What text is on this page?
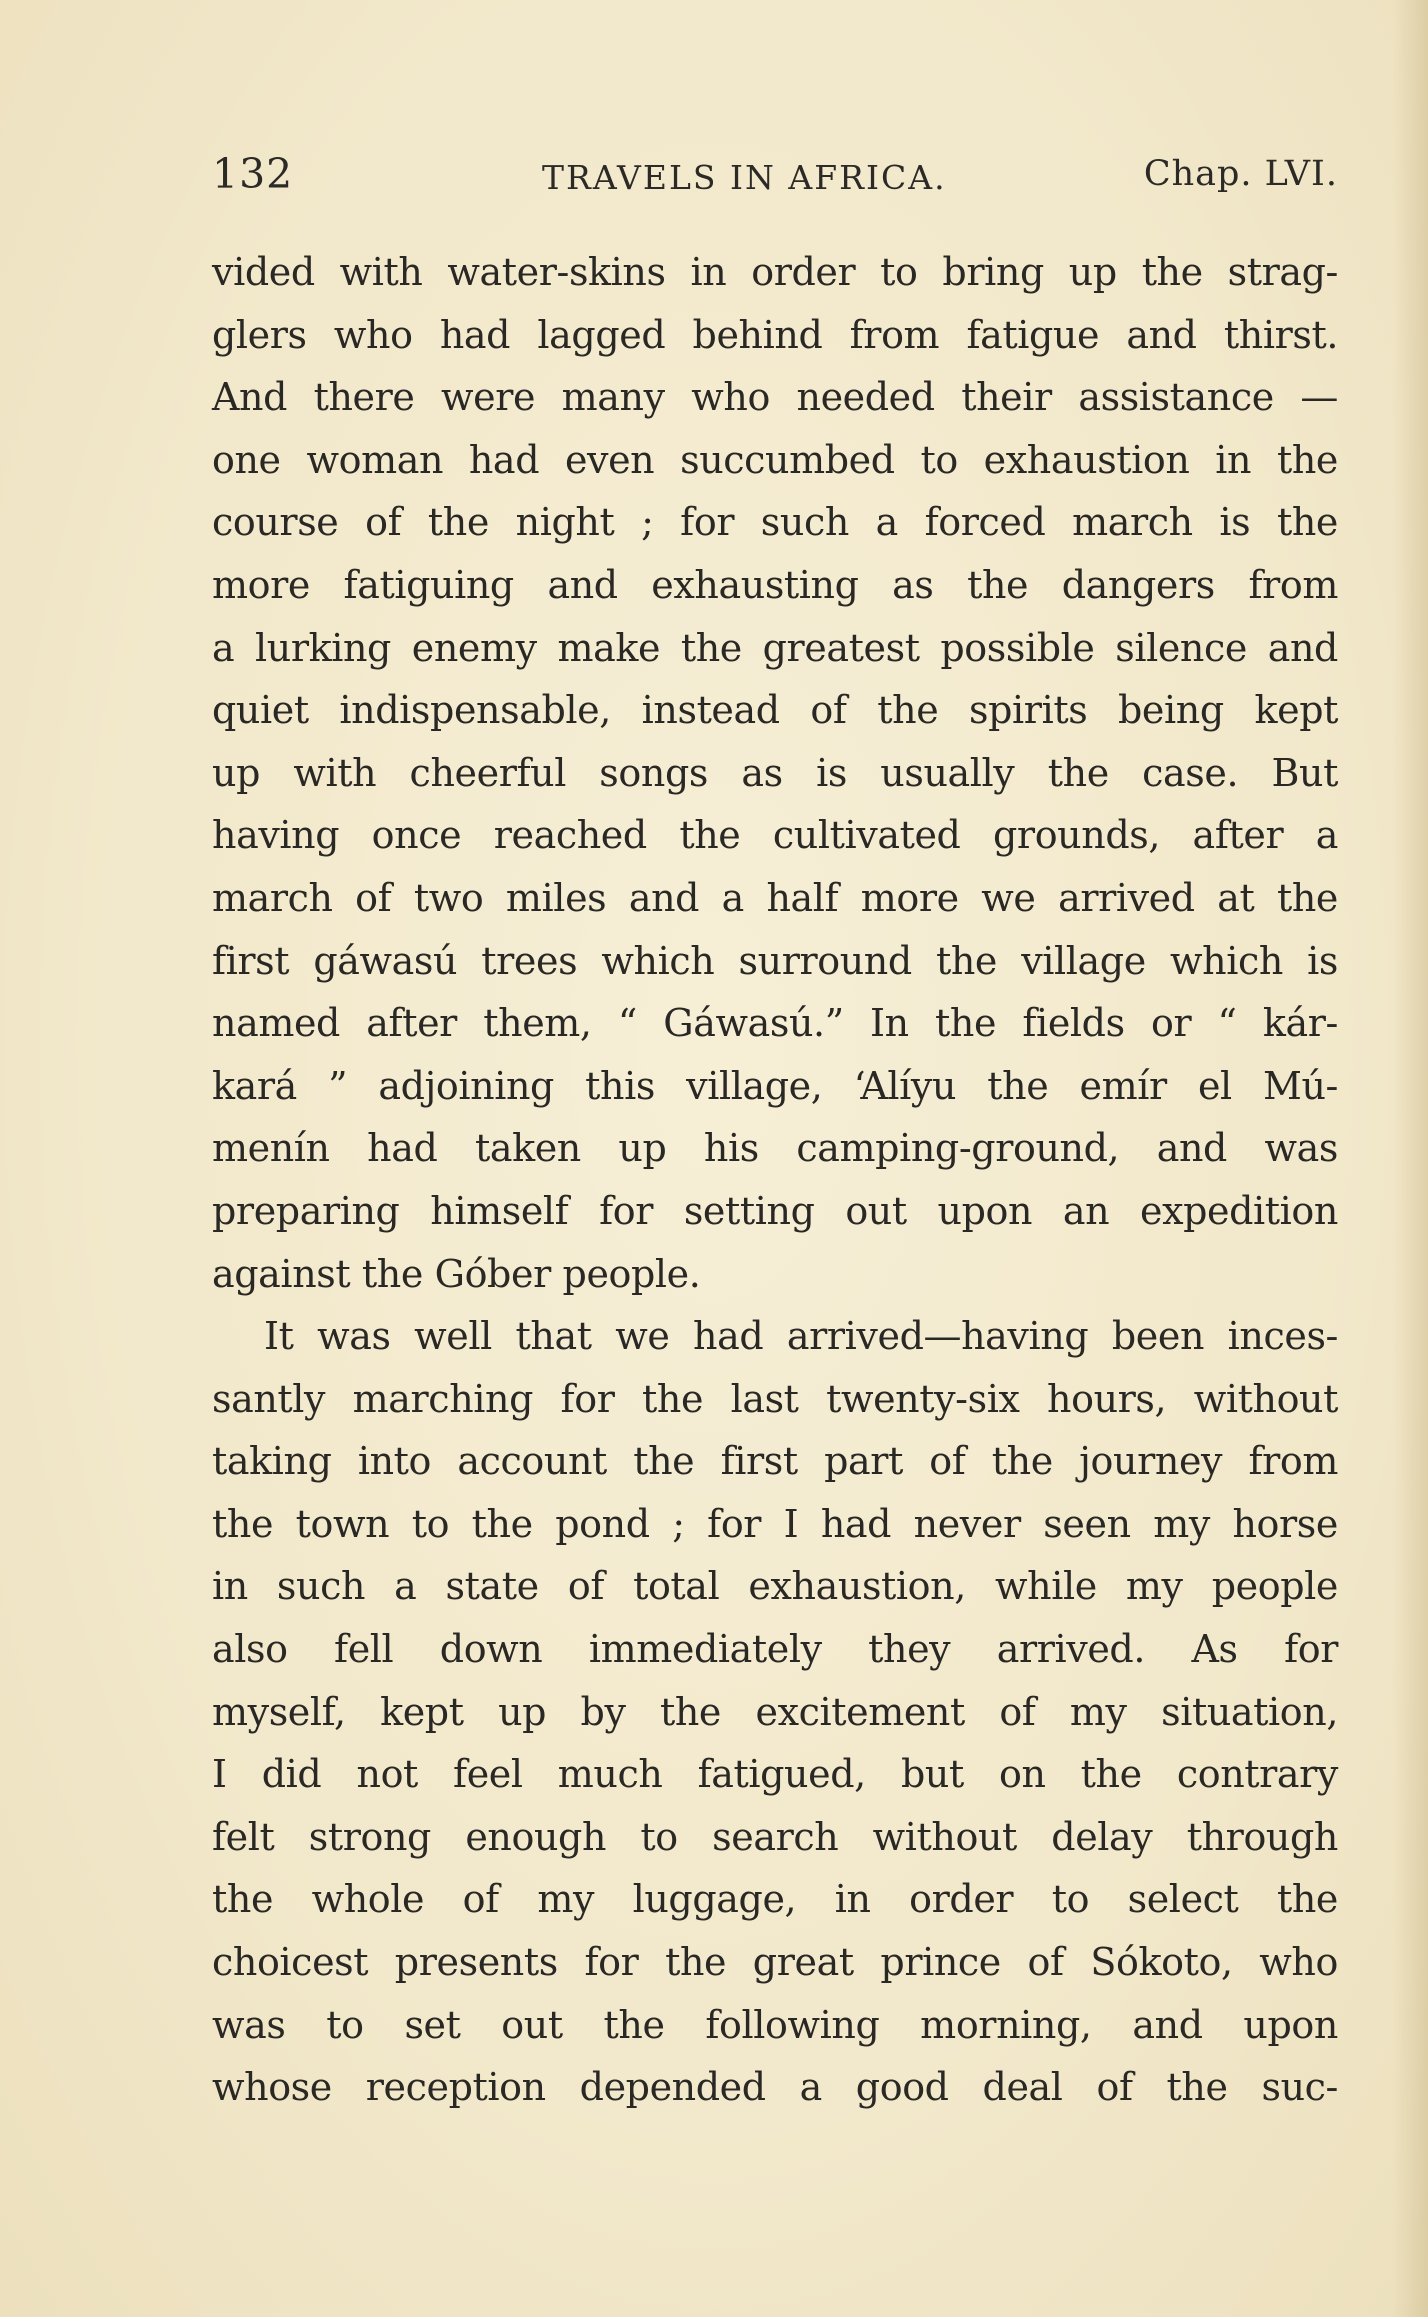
132	TRAVELS IN AFRICA.	Chap. LVI.
vided with water-skins in order to bring up the strag-
glers who had lagged behind from fatigue and thirst.
And there were many who needed their assistance —
one woman had even succumbed to exhaustion in the
course of the night ; for such a forced march is the
more fatiguing and exhausting as the dangers from
a lurking enemy make the greatest possible silence and
quiet indispensable, instead of the spirits being kept
up with cheerful songs as is usually the case. But
having once reached the cultivated grounds, after a
march of two miles and a half more we arrived at the
first gáwasú trees which surround the village which is
named after them, “ Gáwasú.” In the fields or “ kár-
kará ” adjoining this village, ‘Alíyu the emír el Mú-
menín had taken up his camping-ground, and was
preparing himself for setting out upon an expedition
against the Góber people.
It was well that we had arrived—having been inces-
santly marching for the last twenty-six hours, without
taking into account the first part of the journey from
the town to the pond ; for I had never seen my horse
in such a state of total exhaustion, while my people
also fell down immediately they arrived. As for
myself, kept up by the excitement of my situation,
I did not feel much fatigued, but on the contrary
felt strong enough to search without delay through
the whole of my luggage, in order to select the
choicest presents for the great prince of Sókoto, who
was to set out the following morning, and upon
whose reception depended a good deal of the suc-
